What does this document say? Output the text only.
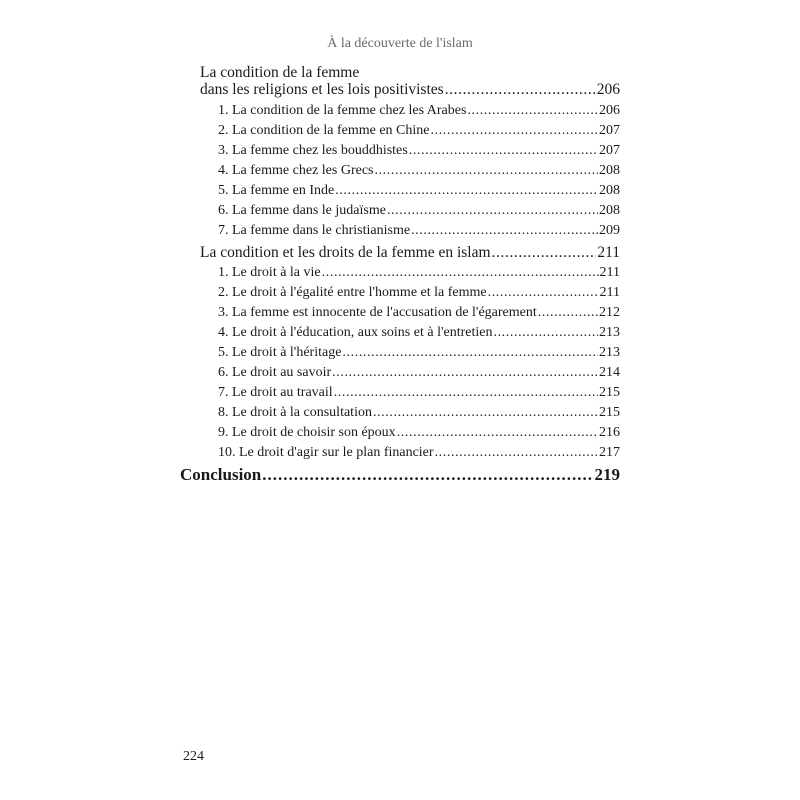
À la découverte de l'islam
La condition de la femme
dans les religions et les lois positivistes .....	206
1. La condition de la femme chez les Arabes .....	206
2. La condition de la femme en Chine .....	207
3. La femme chez les bouddhistes .....	207
4. La femme chez les Grecs .....	208
5. La femme en Inde .....	208
6. La femme dans le judaïsme .....	208
7. La femme dans le christianisme .....	209
La condition et les droits de la femme en islam .....	211
1. Le droit à la vie .....	211
2. Le droit à l'égalité entre l'homme et la femme .....	211
3. La femme est innocente de l'accusation de l'égarement .....	212
4. Le droit à l'éducation, aux soins et à l'entretien .....	213
5. Le droit à l'héritage .....	213
6. Le droit au savoir .....	214
7. Le droit au travail .....	215
8. Le droit à la consultation .....	215
9. Le droit de choisir son époux .....	216
10. Le droit d'agir sur le plan financier .....	217
Conclusion .....	219
224
